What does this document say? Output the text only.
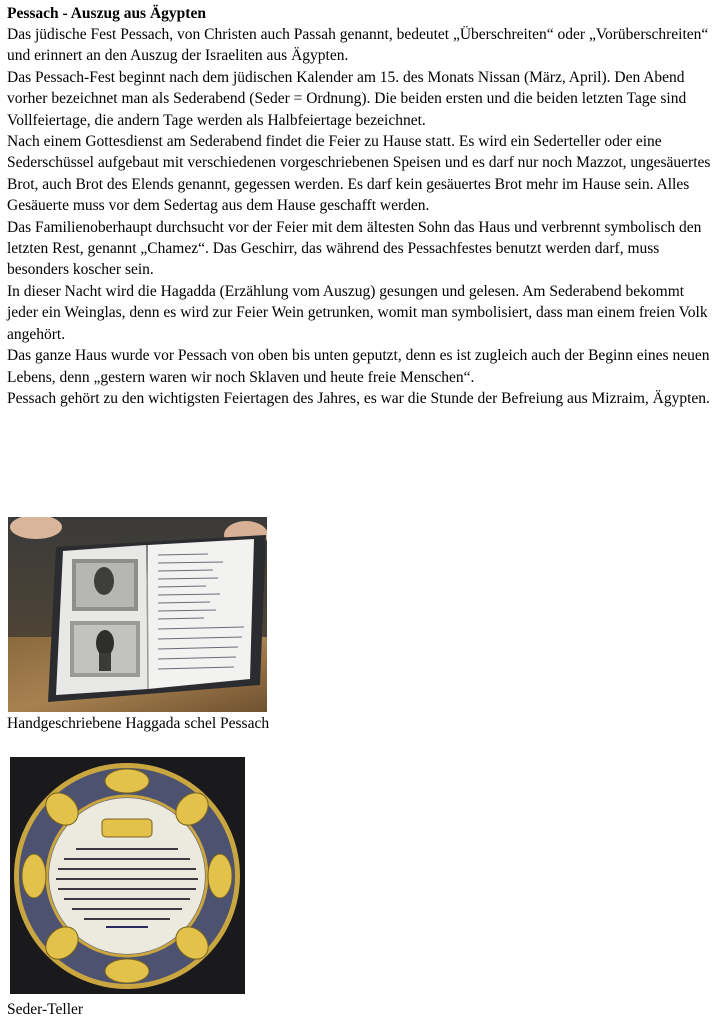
Pessach - Auszug aus Ägypten

Das jüdische Fest Pessach, von Christen auch Passah genannt, bedeutet „Überschreiten“ oder „Vorüberschreiten“ und erinnert an den Auszug der Israeliten aus Ägypten.

Das Pessach-Fest beginnt nach dem jüdischen Kalender am 15. des Monats Nissan (März, April). Den Abend vorher bezeichnet man als Sederabend (Seder = Ordnung). Die beiden ersten und die beiden letzten Tage sind Vollfeiertage, die andern Tage werden als Halbfeiertage bezeichnet.

Nach einem Gottesdienst am Sederabend findet die Feier zu Hause statt. Es wird ein Sederteller oder eine Sederschüssel aufgebaut mit verschiedenen vorgeschriebenen Speisen und es darf nur noch Mazzot, ungesäuertes Brot, auch Brot des Elends genannt, gegessen werden. Es darf kein gesäuertes Brot mehr im Hause sein. Alles Gesäuerte muss vor dem Sedertag aus dem Hause geschafft werden.

Das Familienoberhaupt durchsucht vor der Feier mit dem ältesten Sohn das Haus und verbrennt symbolisch den letzten Rest, genannt „Chamez“. Das Geschirr, das während des Pessachfestes benutzt werden darf, muss besonders koscher sein.

In dieser Nacht wird die Hagadda (Erzählung vom Auszug) gesungen und gelesen. Am Sederabend bekommt jeder ein Weinglas, denn es wird zur Feier Wein getrunken, womit man symbolisiert, dass man einem freien Volk angehört.

Das ganze Haus wurde vor Pessach von oben bis unten geputzt, denn es ist zugleich auch der Beginn eines neuen Lebens, denn „gestern waren wir noch Sklaven und heute freie Menschen“.

Pessach gehört zu den wichtigsten Feiertagen des Jahres, es war die Stunde der Befreiung aus Mizraim, Ägypten.

Handgeschriebene Haggada schel Pessach
Seder-Teller
